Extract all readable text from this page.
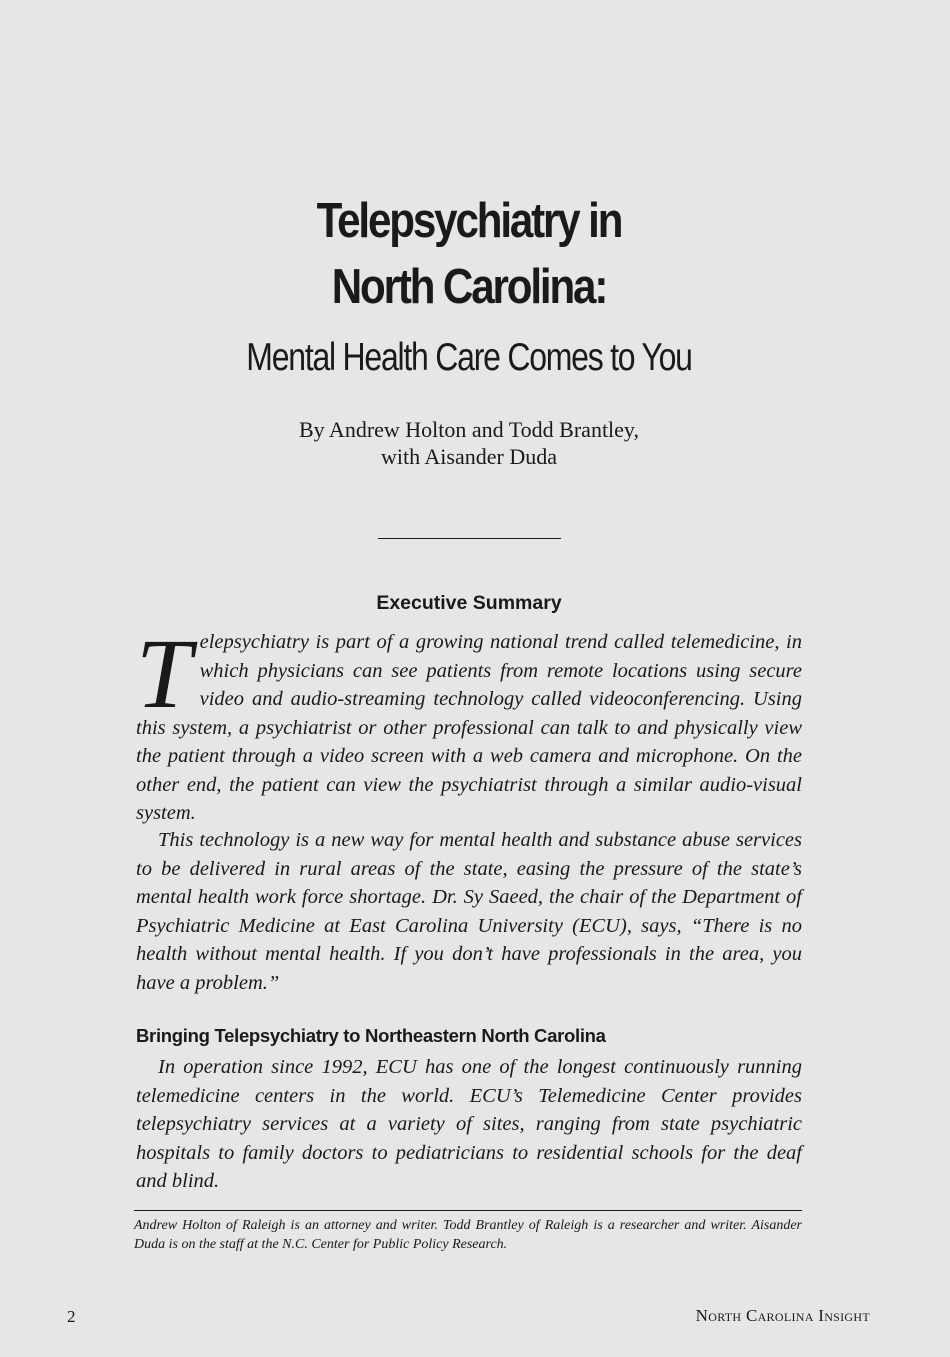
Telepsychiatry in
North Carolina:
Mental Health Care Comes to You
By Andrew Holton and Todd Brantley,
with Aisander Duda
Executive Summary

Telepsychiatry is part of a growing national trend called telemedicine, in which physicians can see patients from remote locations using secure video and audio-streaming technology called videoconferencing. Using this system, a psychiatrist or other professional can talk to and physically view the patient through a video screen with a web camera and microphone. On the other end, the patient can view the psychiatrist through a similar audio-visual system.

This technology is a new way for mental health and substance abuse services to be delivered in rural areas of the state, easing the pressure of the state’s mental health work force shortage. Dr. Sy Saeed, the chair of the Department of Psychiatric Medicine at East Carolina University (ECU), says, “There is no health without mental health. If you don’t have professionals in the area, you have a problem.”

Bringing Telepsychiatry to Northeastern North Carolina

In operation since 1992, ECU has one of the longest continuously running telemedicine centers in the world. ECU’s Telemedicine Center provides telepsychiatry services at a variety of sites, ranging from state psychiatric hospitals to family doctors to pediatricians to residential schools for the deaf and blind.

Andrew Holton of Raleigh is an attorney and writer. Todd Brantley of Raleigh is a researcher and writer. Aisander Duda is on the staff at the N.C. Center for Public Policy Research.

2	North Carolina Insight
